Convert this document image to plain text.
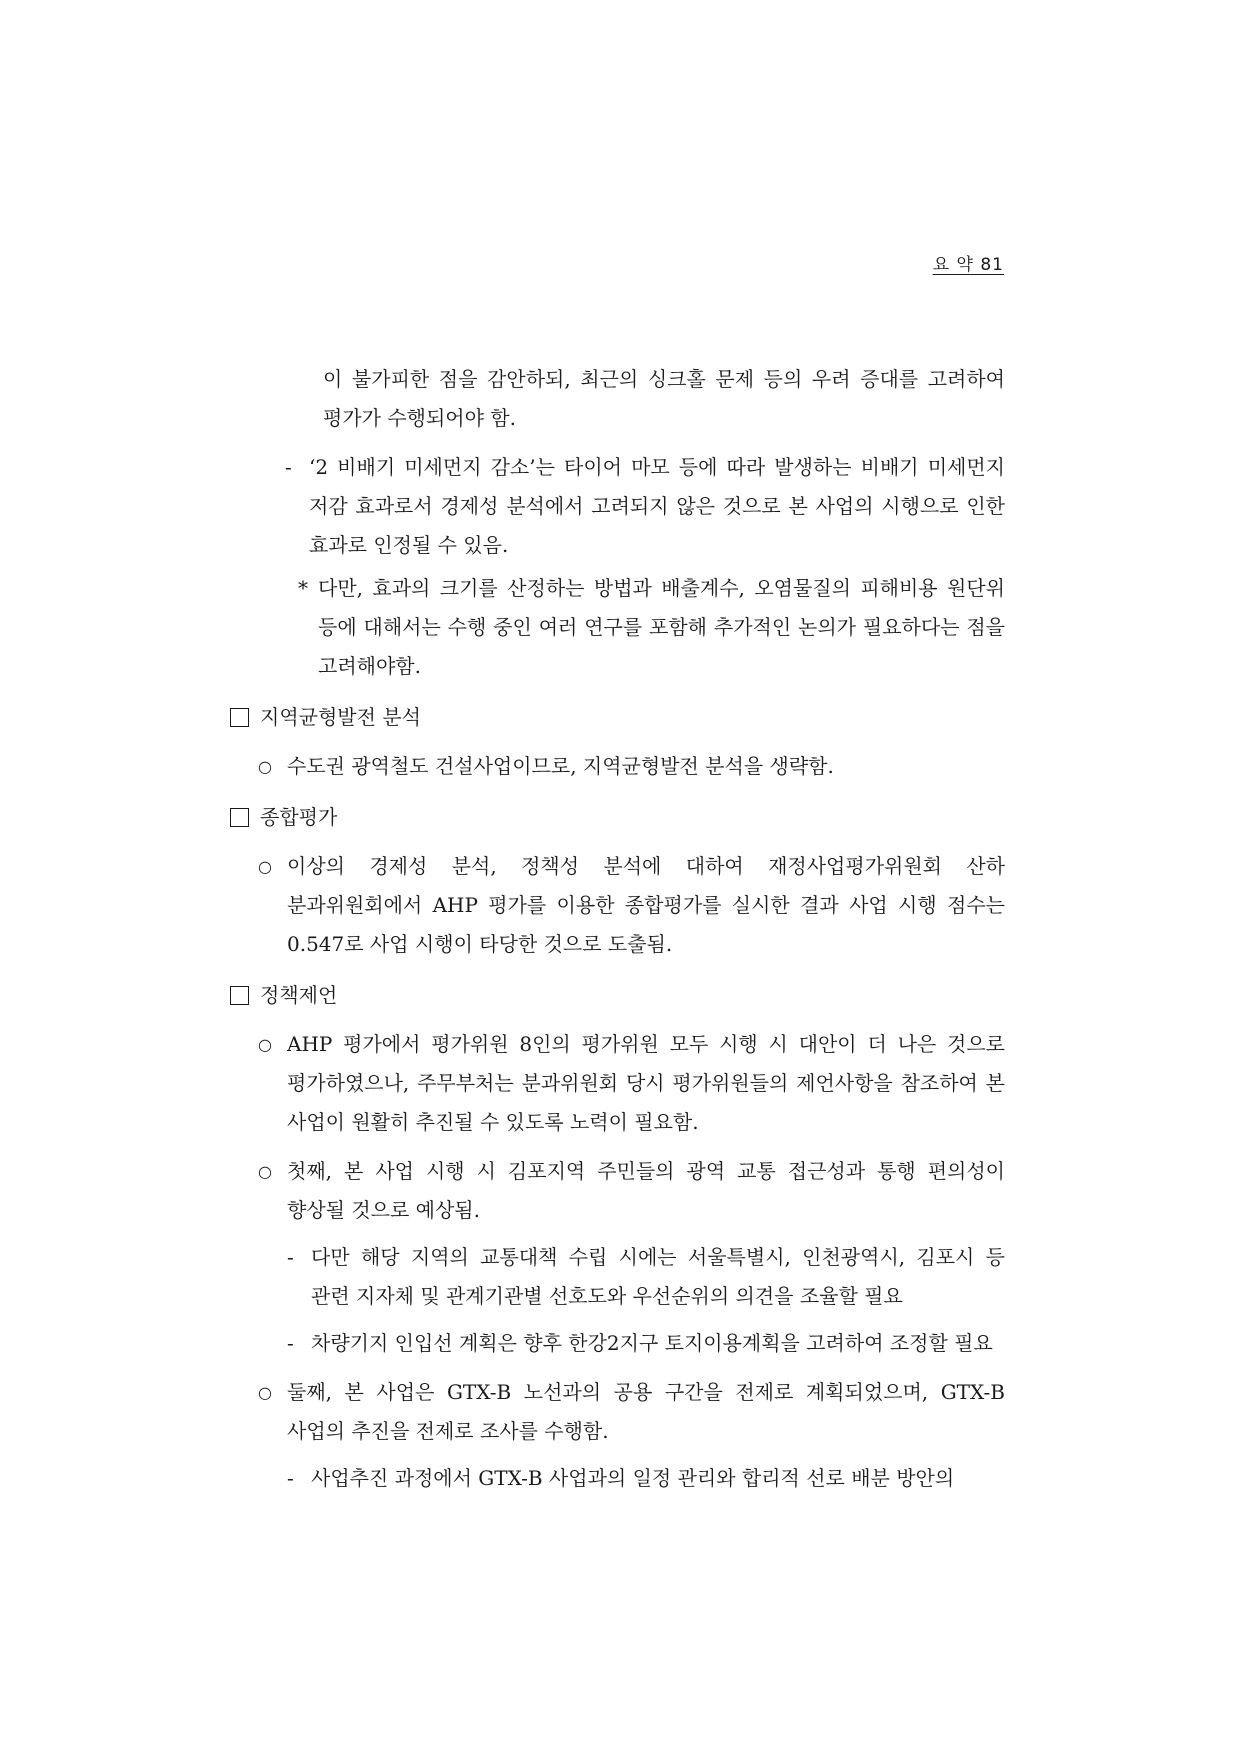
요 약 81
이 불가피한 점을 감안하되, 최근의 싱크홀 문제 등의 우려 증대를 고려하여 평가가 수행되어야 함.
- ‘2 비배기 미세먼지 감소’는 타이어 마모 등에 따라 발생하는 비배기 미세먼지 저감 효과로서 경제성 분석에서 고려되지 않은 것으로 본 사업의 시행으로 인한 효과로 인정될 수 있음.
* 다만, 효과의 크기를 산정하는 방법과 배출계수, 오염물질의 피해비용 원단위 등에 대해서는 수행 중인 여러 연구를 포함해 추가적인 논의가 필요하다는 점을 고려해야함.
지역균형발전 분석
○ 수도권 광역철도 건설사업이므로, 지역균형발전 분석을 생략함.
종합평가
○ 이상의 경제성 분석, 정책성 분석에 대하여 재정사업평가위원회 산하 분과위원회에서 AHP 평가를 이용한 종합평가를 실시한 결과 사업 시행 점수는 0.547로 사업 시행이 타당한 것으로 도출됨.
정책제언
○ AHP 평가에서 평가위원 8인의 평가위원 모두 시행 시 대안이 더 나은 것으로 평가하였으나, 주무부처는 분과위원회 당시 평가위원들의 제언사항을 참조하여 본 사업이 원활히 추진될 수 있도록 노력이 필요함.
○ 첫째, 본 사업 시행 시 김포지역 주민들의 광역 교통 접근성과 통행 편의성이 향상될 것으로 예상됨.
- 다만 해당 지역의 교통대책 수립 시에는 서울특별시, 인천광역시, 김포시 등 관련 지자체 및 관계기관별 선호도와 우선순위의 의견을 조율할 필요
- 차량기지 인입선 계획은 향후 한강2지구 토지이용계획을 고려하여 조정할 필요
○ 둘째, 본 사업은 GTX-B 노선과의 공용 구간을 전제로 계획되었으며, GTX-B 사업의 추진을 전제로 조사를 수행함.
- 사업추진 과정에서 GTX-B 사업과의 일정 관리와 합리적 선로 배분 방안의
